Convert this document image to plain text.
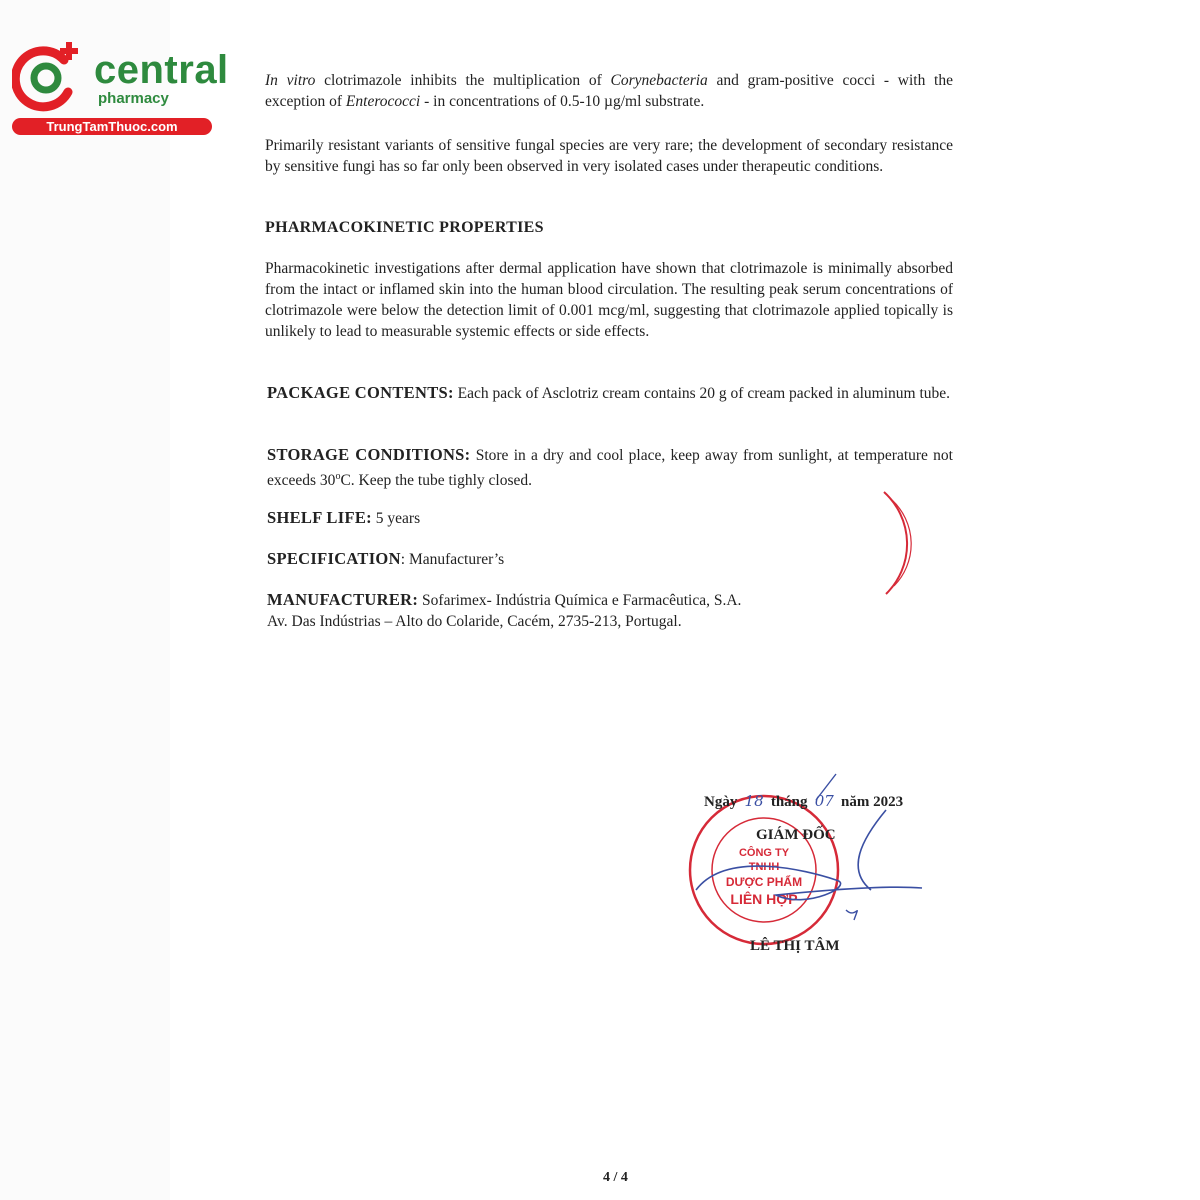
central
pharmacy
TrungTamThuoc.com

In vitro clotrimazole inhibits the multiplication of Corynebacteria and gram-positive cocci - with the exception of Enterococci - in concentrations of 0.5-10 µg/ml substrate.

Primarily resistant variants of sensitive fungal species are very rare; the development of secondary resistance by sensitive fungi has so far only been observed in very isolated cases under therapeutic conditions.

PHARMACOKINETIC PROPERTIES

Pharmacokinetic investigations after dermal application have shown that clotrimazole is minimally absorbed from the intact or inflamed skin into the human blood circulation. The resulting peak serum concentrations of clotrimazole were below the detection limit of 0.001 mcg/ml, suggesting that clotrimazole applied topically is unlikely to lead to measurable systemic effects or side effects.

PACKAGE CONTENTS: Each pack of Asclotriz cream contains 20 g of cream packed in aluminum tube.

STORAGE CONDITIONS: Store in a dry and cool place, keep away from sunlight, at temperature not exceeds 30$^o$C. Keep the tube tighly closed.

SHELF LIFE: 5 years

SPECIFICATION: Manufacturer’s

MANUFACTURER: Sofarimex- Indústria Química e Farmacêutica, S.A.
Av. Das Indústrias – Alto do Colaride, Cacém, 2735-213, Portugal.

CÔNG TY
TNHH
DƯỢC PHẨM
LIÊN HỢP
Ngày 18 tháng 07 năm 2023
GIÁM ĐỐC
LÊ THỊ TÂM
4 / 4
